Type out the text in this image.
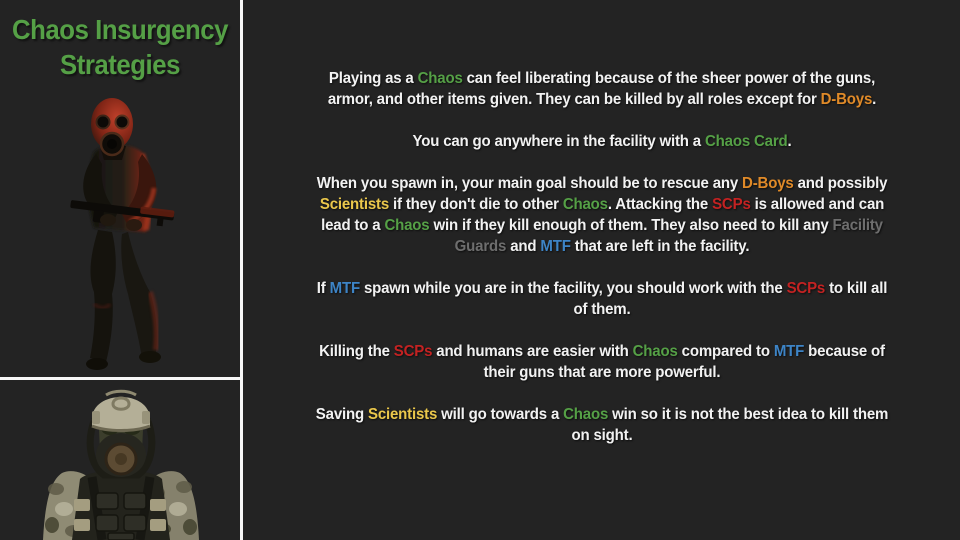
Chaos Insurgency
Strategies	Playing as a Chaos can feel liberating because of the sheer power of the guns, armor, and other items given. They can be killed by all roles except for D-Boys.

You can go anywhere in the facility with a Chaos Card.

When you spawn in, your main goal should be to rescue any D-Boys and possibly Scientists if they don't die to other Chaos. Attacking the SCPs is allowed and can lead to a Chaos win if they kill enough of them. They also need to kill any Facility Guards and MTF that are left in the facility.

If MTF spawn while you are in the facility, you should work with the SCPs to kill all of them.

Killing the SCPs and humans are easier with Chaos compared to MTF because of their guns that are more powerful.

Saving Scientists will go towards a Chaos win so it is not the best idea to kill them on sight.
